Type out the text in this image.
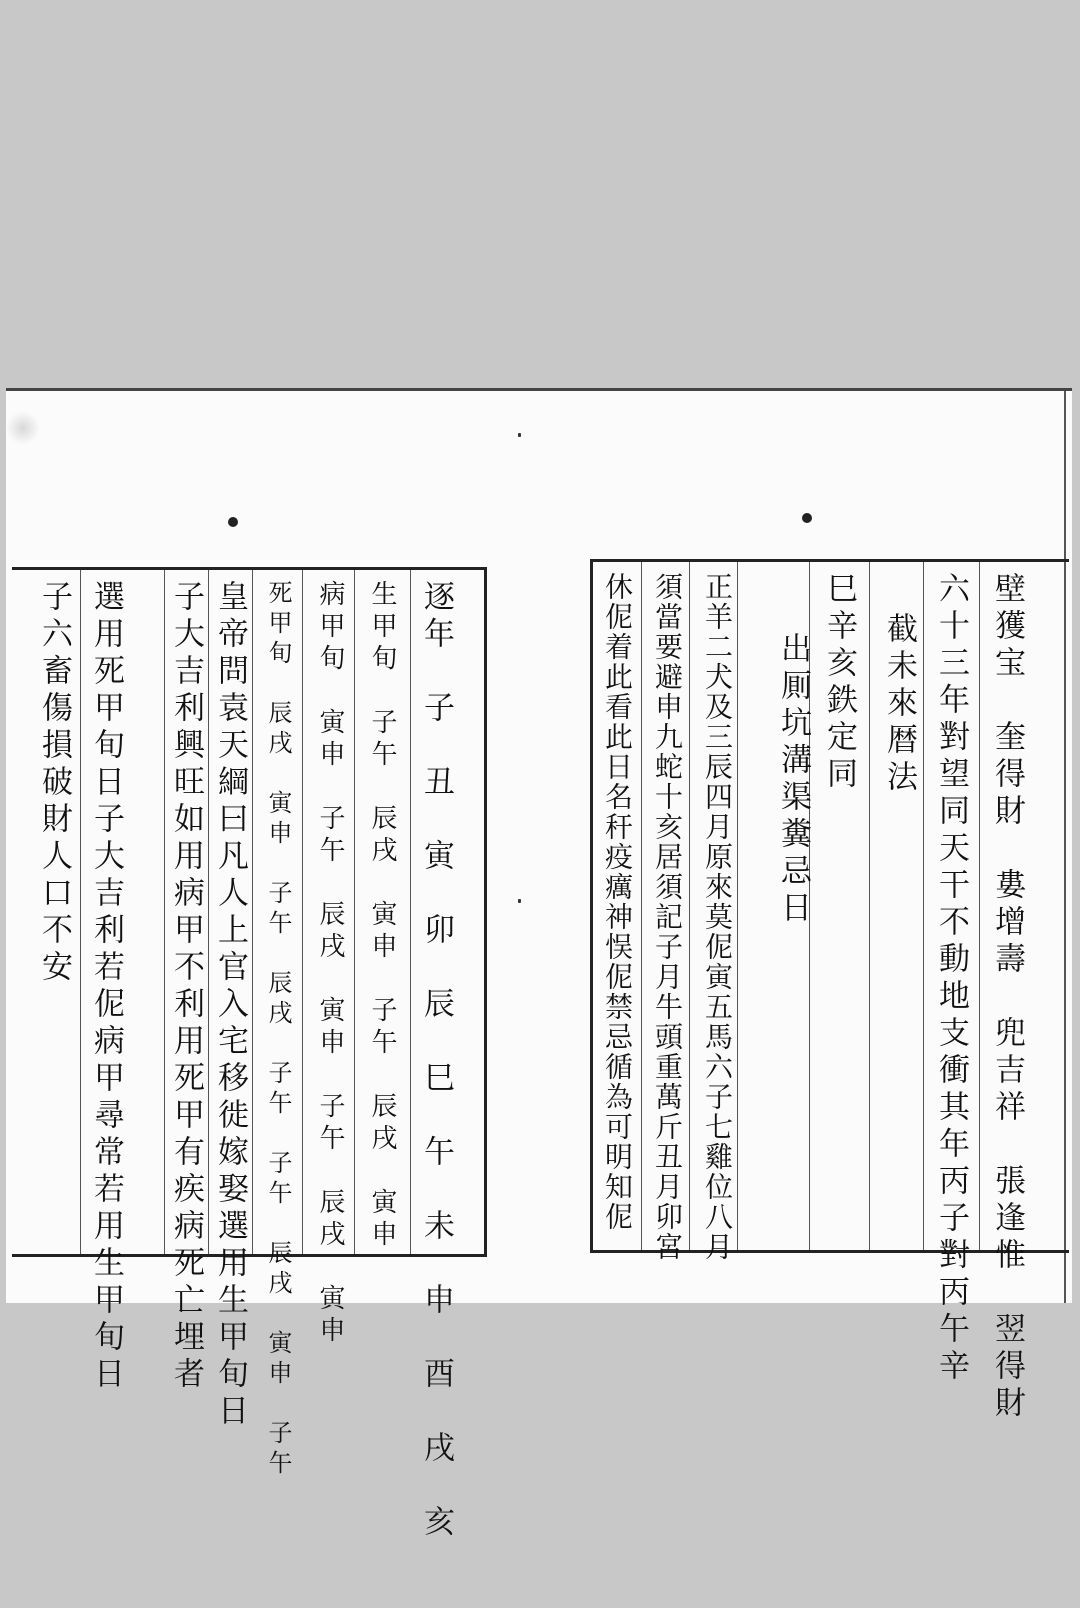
逐年　子　丑　寅　卯　辰　巳　午　未　申　酉　戌　亥
生甲旬　子午　辰戌　寅申　子午　辰戌　寅申
病甲旬　寅申　子午　辰戌　寅申　子午　辰戌　寅申
死甲旬　辰戌　寅申　子午　辰戌　子午　子午　辰戌　寅申　子午
皇帝問袁天綱曰凡人上官入宅移徙嫁娶選用生甲旬日
子大吉利興旺如用病甲不利用死甲有疾病死亡埋者
選用死甲旬日子大吉利若伲病甲尋常若用生甲旬日
子六畜傷損破財人口不安	壁獲宝　奎得財　婁增壽　兜吉祥　張逢惟　翌得財
六十三年對望同天干不動地支衝其年丙子對丙午辛
截未來暦法
巳辛亥鉄定同
出厠坑溝渠糞忌日
正羊二犬及三辰四月原來莫伲寅五馬六子七雞位八月
須當要避申九蛇十亥居須記子月牛頭重萬斤丑月卯宮
休伲着此看此日名秆疫癘神悮伲禁忌循為可明知伲
